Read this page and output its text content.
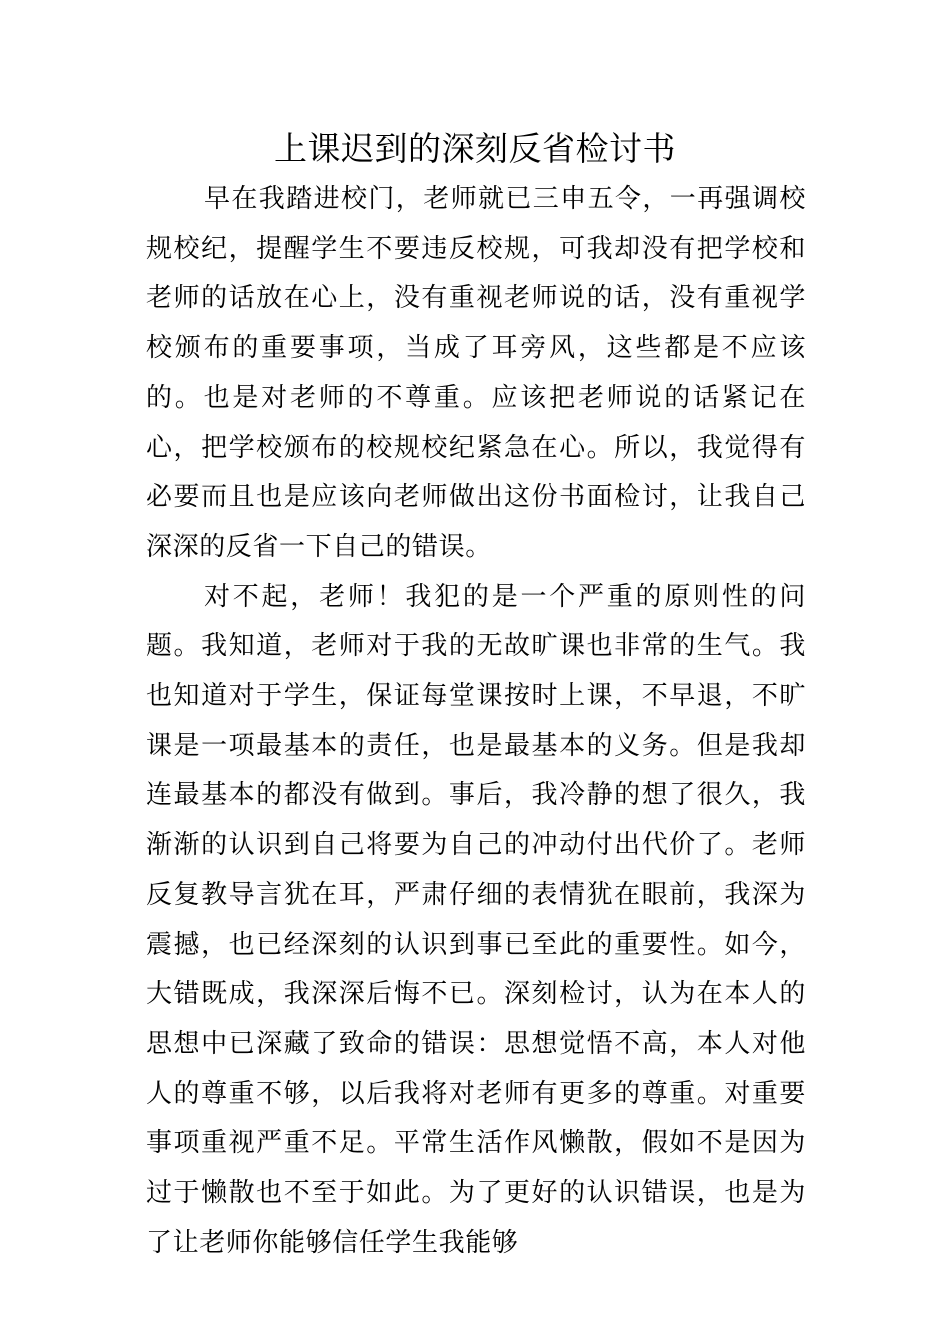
上课迟到的深刻反省检讨书

早在我踏进校门，老师就已三申五令，一再强调校规校纪，提醒学生不要违反校规，可我却没有把学校和老师的话放在心上，没有重视老师说的话，没有重视学校颁布的重要事项，当成了耳旁风，这些都是不应该的。也是对老师的不尊重。应该把老师说的话紧记在心，把学校颁布的校规校纪紧急在心。所以，我觉得有必要而且也是应该向老师做出这份书面检讨，让我自己深深的反省一下自己的错误。

对不起，老师！我犯的是一个严重的原则性的问题。我知道，老师对于我的无故旷课也非常的生气。我也知道对于学生，保证每堂课按时上课，不早退，不旷课是一项最基本的责任，也是最基本的义务。但是我却连最基本的都没有做到。事后，我冷静的想了很久，我渐渐的认识到自己将要为自己的冲动付出代价了。老师反复教导言犹在耳，严肃仔细的表情犹在眼前，我深为震撼，也已经深刻的认识到事已至此的重要性。如今，大错既成，我深深后悔不已。深刻检讨，认为在本人的思想中已深藏了致命的错误：思想觉悟不高，本人对他人的尊重不够，以后我将对老师有更多的尊重。对重要事项重视严重不足。平常生活作风懒散，假如不是因为过于懒散也不至于如此。为了更好的认识错误，也是为了让老师你能够信任学生我能够
